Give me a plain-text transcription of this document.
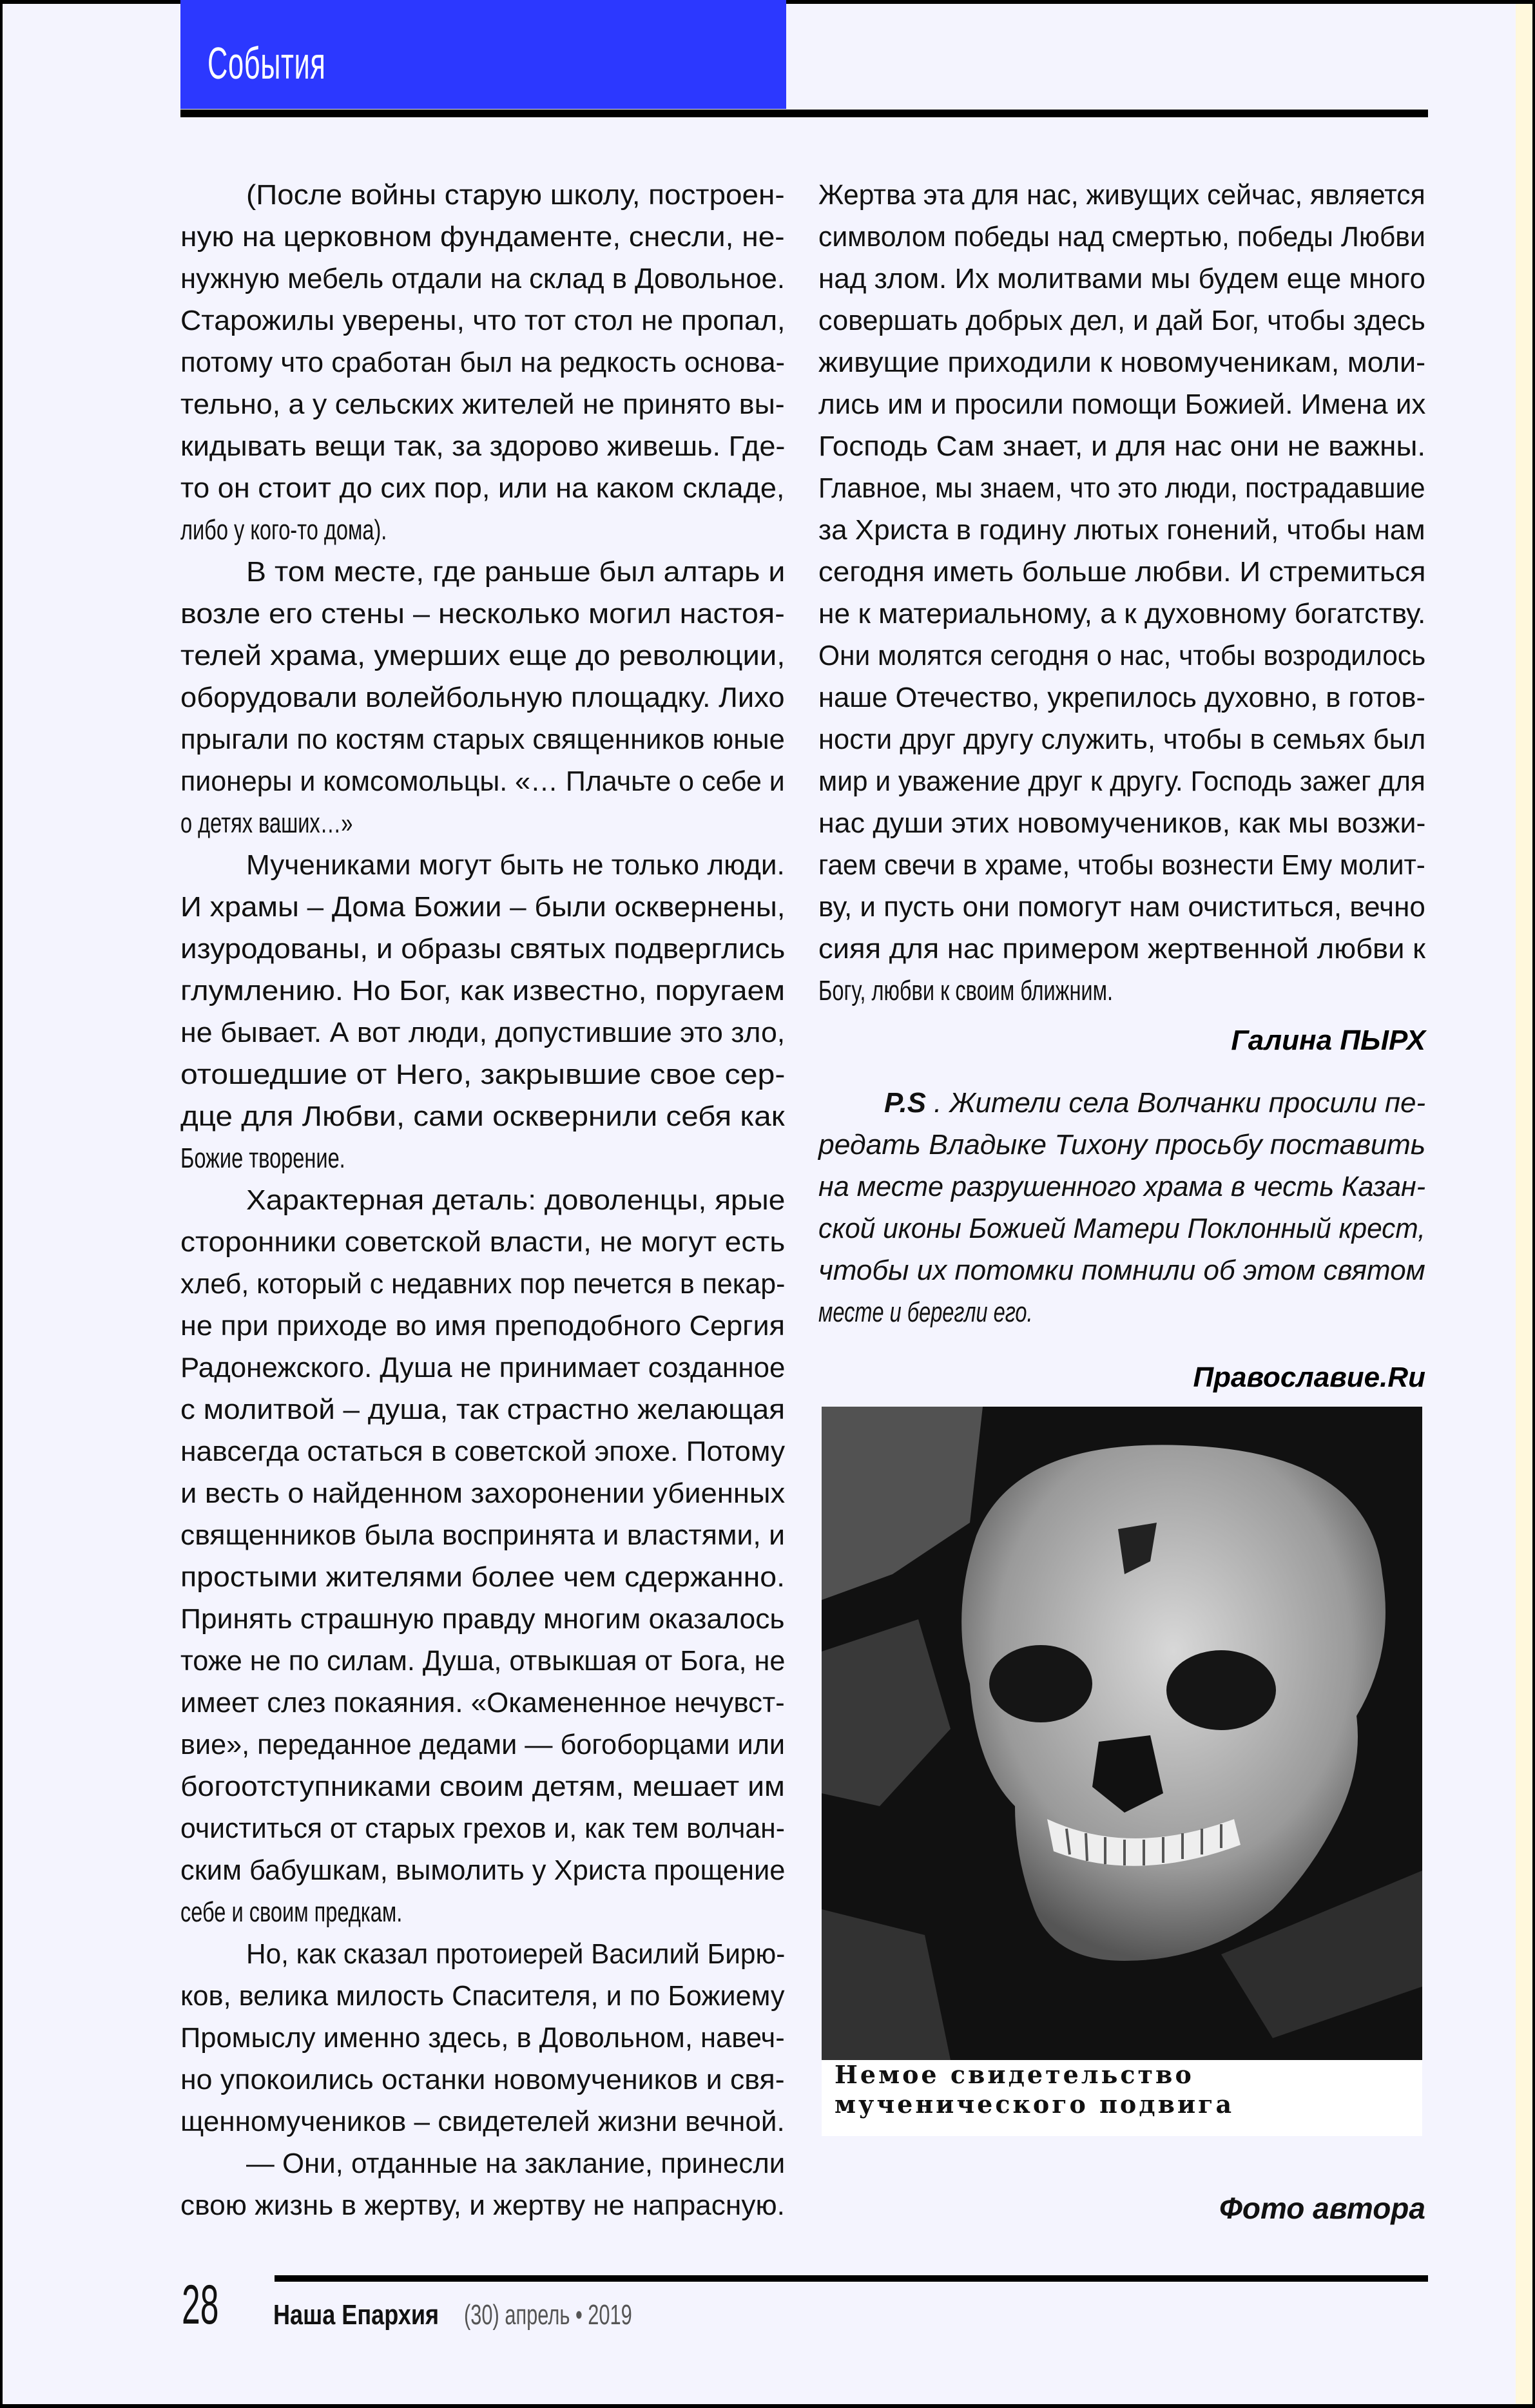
События
(После войны старую школу, построен-
ную на церковном фундаменте, снесли, не-
нужную мебель отдали на склад в Довольное.
Старожилы уверены, что тот стол не пропал,
потому что сработан был на редкость основа-
тельно, а у сельских жителей не принято вы-
кидывать вещи так, за здорово живешь. Где-
то он стоит до сих пор, или на каком складе,
либо у кого-то дома).
В том месте, где раньше был алтарь и
возле его стены – несколько могил настоя-
телей храма, умерших еще до революции,
оборудовали волейбольную площадку. Лихо
прыгали по костям старых священников юные
пионеры и комсомольцы. «… Плачьте о себе и
о детях ваших…»
Мучениками могут быть не только люди.
И храмы – Дома Божии – были осквернены,
изуродованы, и образы святых подверглись
глумлению. Но Бог, как известно, поругаем
не бывает. А вот люди, допустившие это зло,
отошедшие от Него, закрывшие свое сер-
дце для Любви, сами осквернили себя как
Божие творение.
Характерная деталь: доволенцы, ярые
сторонники советской власти, не могут есть
хлеб, который с недавних пор печется в пекар-
не при приходе во имя преподобного Сергия
Радонежского. Душа не принимает созданное
с молитвой – душа, так страстно желающая
навсегда остаться в советской эпохе. Потому
и весть о найденном захоронении убиенных
священников была воспринята и властями, и
простыми жителями более чем сдержанно.
Принять страшную правду многим оказалось
тоже не по силам. Душа, отвыкшая от Бога, не
имеет слез покаяния. «Окамененное нечувст-
вие», переданное дедами — богоборцами или
богоотступниками своим детям, мешает им
очиститься от старых грехов и, как тем волчан-
ским бабушкам, вымолить у Христа прощение
себе и своим предкам.
Но, как сказал протоиерей Василий Бирю-
ков, велика милость Спасителя, и по Божиему
Промыслу именно здесь, в Довольном, навеч-
но упокоились останки новомучеников и свя-
щенномучеников – свидетелей жизни вечной.
— Они, отданные на заклание, принесли
свою жизнь в жертву, и жертву не напрасную.
Жертва эта для нас, живущих сейчас, является
символом победы над смертью, победы Любви
над злом. Их молитвами мы будем еще много
совершать добрых дел, и дай Бог, чтобы здесь
живущие приходили к новомученикам, моли-
лись им и просили помощи Божией. Имена их
Господь Сам знает, и для нас они не важны.
Главное, мы знаем, что это люди, пострадавшие
за Христа в годину лютых гонений, чтобы нам
сегодня иметь больше любви. И стремиться
не к материальному, а к духовному богатству.
Они молятся сегодня о нас, чтобы возродилось
наше Отечество, укрепилось духовно, в готов-
ности друг другу служить, чтобы в семьях был
мир и уважение друг к другу. Господь зажег для
нас души этих новомучеников, как мы возжи-
гаем свечи в храме, чтобы вознести Ему молит-
ву, и пусть они помогут нам очиститься, вечно
сияя для нас примером жертвенной любви к
Богу, любви к своим ближним.
Галина ПЫРХ
P.S . Жители села Волчанки просили пе-
редать Владыке Тихону просьбу поставить
на месте разрушенного храма в честь Казан-
ской иконы Божией Матери Поклонный крест,
чтобы их потомки помнили об этом святом
месте и берегли его.
Православие.Ru
Немое свидетельство
мученического подвига
Фото автора
28 Наша Епархия (30) апрель • 2019
